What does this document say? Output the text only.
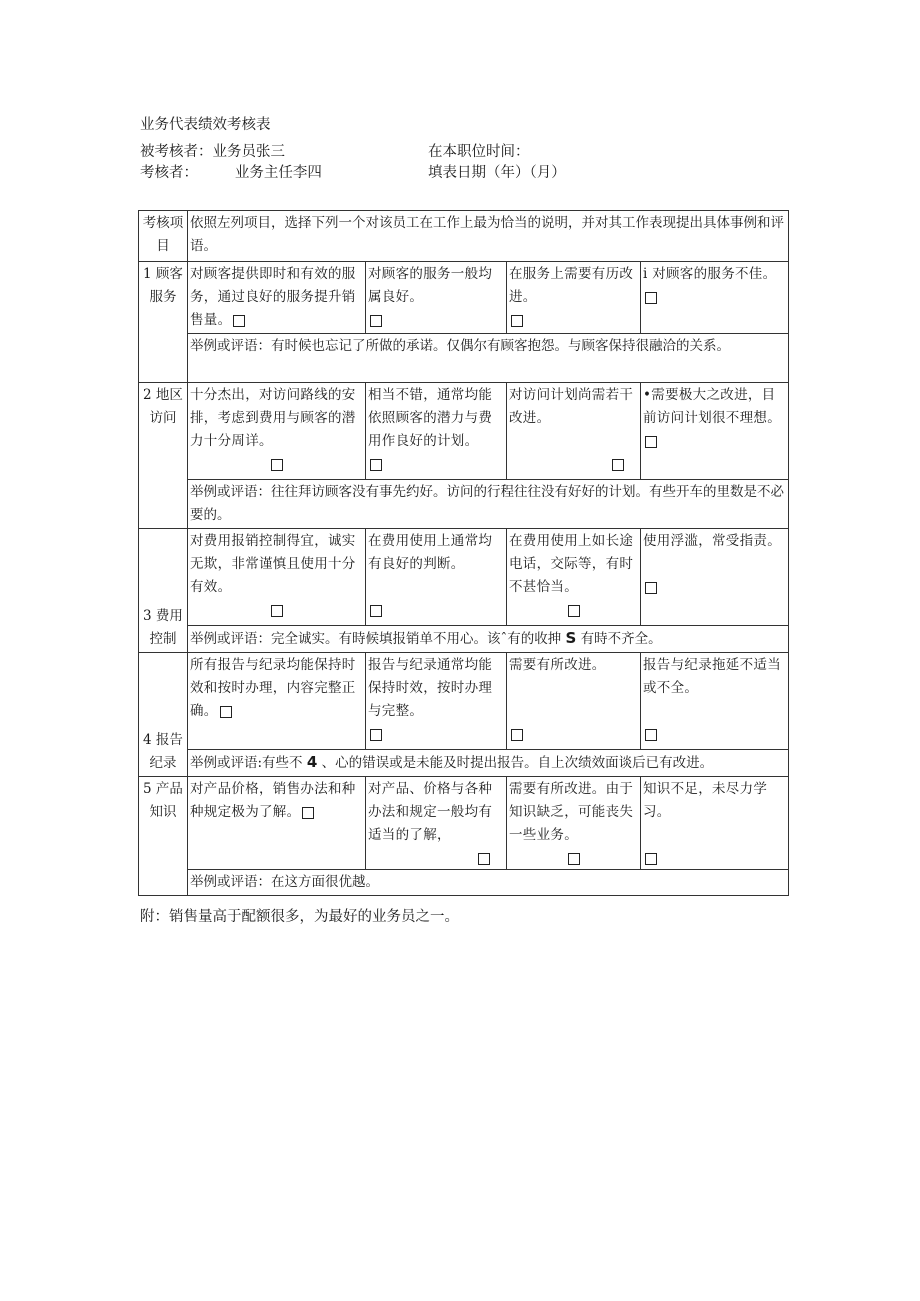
业务代表绩效考核表
被考核者：业务员张三	在本职位时间：
考核者：        业务主任李四	填表日期（年）（月）
考核项目	依照左列项目，选择下列一个对该员工在工作上最为恰当的说明，并对其工作表现提出具体事例和评语。			
1 顾客服务	对顾客提供即时和有效的服务，通过良好的服务提升销售量。	对顾客的服务一般均属良好。	在服务上需要有历改进。	i 对顾客的服务不佳。

	举例或评语：有时候也忘记了所做的承诺。仅偶尔有顾客抱怨。与顾客保持很融洽的关系。			
2 地区访问	十分杰出，对访问路线的安排，考虑到费用与顾客的潜力十分周详。	相当不错，通常均能依照顾客的潜力与费用作良好的计划。	对访问计划尚需若干改进。	•需要极大之改进，目前访问计划很不理想。

	举例或评语：往往拜访顾客没有事先约好。访问的行程往往没有好好的计划。有些开车的里数是不必要的。			
3 费用控制	对费用报销控制得宜，诚实无欺，非常谨慎且使用十分有效。	在费用使用上通常均有良好的判断。	在费用使用上如长途电话，交际等，有时不甚恰当。	使用浮滥，常受指责。

	举例或评语：完全诚实。有時候填报销单不用心。该ˆ有的收抻 S 有時不齐全。			
4 报告纪录	所有报告与纪录均能保持时效和按时办理，内容完整正确。	报告与纪录通常均能保持时效，按时办理与完整。	需要有所改进。	报告与纪录拖延不适当或不全。

	举例或评语:有些不 4 、心的错误或是未能及时提出报告。自上次绩效面谈后已有改进。			
5 产品知识	对产品价格，销售办法和种种规定极为了解。	对产品、价格与各种办法和规定一般均有适当的了解，	需要有所改进。由于知识缺乏，可能丧失一些业务。	知识不足，未尽力学习。

	举例或评语：在这方面很优越。			
附：销售量高于配额很多，为最好的业务员之一。
